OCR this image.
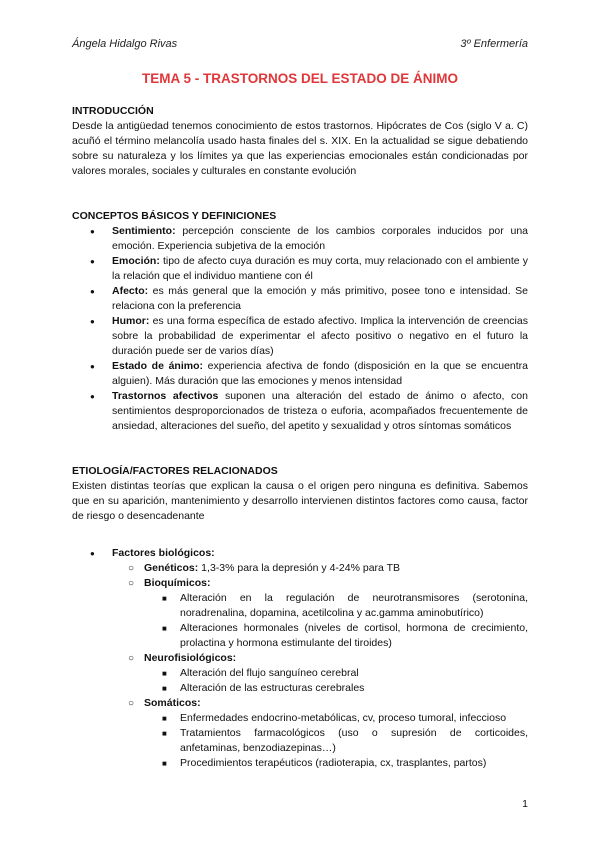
Ángela Hidalgo Rivas	3º Enfermería
TEMA 5 - TRASTORNOS DEL ESTADO DE ÁNIMO
INTRODUCCIÓN

Desde la antigüedad tenemos conocimiento de estos trastornos. Hipócrates de Cos (siglo V a. C) acuñó el término melancolía usado hasta finales del s. XIX. En la actualidad se sigue debatiendo sobre su naturaleza y los límites ya que las experiencias emocionales están condicionadas por valores morales, sociales y culturales en constante evolución

CONCEPTOS BÁSICOS Y DEFINICIONES
● Sentimiento: percepción consciente de los cambios corporales inducidos por una emoción. Experiencia subjetiva de la emoción
● Emoción: tipo de afecto cuya duración es muy corta, muy relacionado con el ambiente y la relación que el individuo mantiene con él
● Afecto: es más general que la emoción y más primitivo, posee tono e intensidad. Se relaciona con la preferencia
● Humor: es una forma específica de estado afectivo. Implica la intervención de creencias sobre la probabilidad de experimentar el afecto positivo o negativo en el futuro la duración puede ser de varios días)
● Estado de ánimo: experiencia afectiva de fondo (disposición en la que se encuentra alguien). Más duración que las emociones y menos intensidad
● Trastornos afectivos suponen una alteración del estado de ánimo o afecto, con sentimientos desproporcionados de tristeza o euforia, acompañados frecuentemente de ansiedad, alteraciones del sueño, del apetito y sexualidad y otros síntomas somáticos
ETIOLOGÍA/FACTORES RELACIONADOS

Existen distintas teorías que explican la causa o el origen pero ninguna es definitiva. Sabemos que en su aparición, mantenimiento y desarrollo intervienen distintos factores como causa, factor de riesgo o desencadenante

● Factores biológicos:
○ Genéticos: 1,3-3% para la depresión y 4-24% para TB
○ Bioquímicos:
■ Alteración en la regulación de neurotransmisores (serotonina, noradrenalina, dopamina, acetilcolina y ac.gamma aminobutírico)
■ Alteraciones hormonales (niveles de cortisol, hormona de crecimiento, prolactina y hormona estimulante del tiroides)
○ Neurofisiológicos:
■ Alteración del flujo sanguíneo cerebral
■ Alteración de las estructuras cerebrales
○ Somáticos:
■ Enfermedades endocrino-metabólicas, cv, proceso tumoral, infeccioso
■ Tratamientos farmacológicos (uso o supresión de corticoides, anfetaminas, benzodiazepinas…)
■ Procedimientos terapéuticos (radioterapia, cx, trasplantes, partos)
1
